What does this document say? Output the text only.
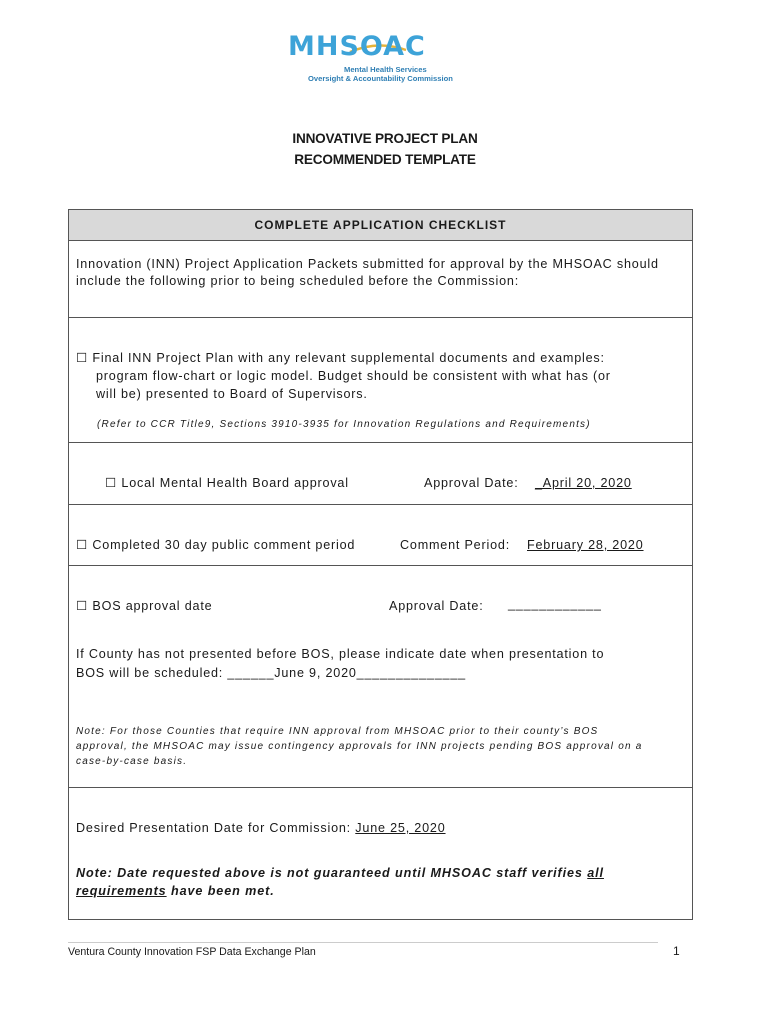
MHSOAC
Mental Health Services
Oversight & Accountability Commission
INNOVATIVE PROJECT PLAN
RECOMMENDED TEMPLATE
COMPLETE APPLICATION CHECKLIST
Innovation (INN) Project Application Packets submitted for approval by the MHSOAC should
include the following prior to being scheduled before the Commission:
☐ Final INN Project Plan with any relevant supplemental documents and examples:
program flow-chart or logic model. Budget should be consistent with what has (or
will be) presented to Board of Supervisors.
(Refer to CCR Title9, Sections 3910-3935 for Innovation Regulations and Requirements)
☐ Local Mental Health Board approval	Approval Date: _April 20, 2020
☐ Completed 30 day public comment period	Comment Period: February 28, 2020
☐ BOS approval date	Approval Date: ____________
If County has not presented before BOS, please indicate date when presentation to
BOS will be scheduled: ______June 9, 2020______________
Note: For those Counties that require INN approval from MHSOAC prior to their county’s BOS
approval, the MHSOAC may issue contingency approvals for INN projects pending BOS approval on a
case-by-case basis.
Desired Presentation Date for Commission: June 25, 2020
Note: Date requested above is not guaranteed until MHSOAC staff verifies all
requirements have been met.
Ventura County Innovation FSP Data Exchange Plan	1
